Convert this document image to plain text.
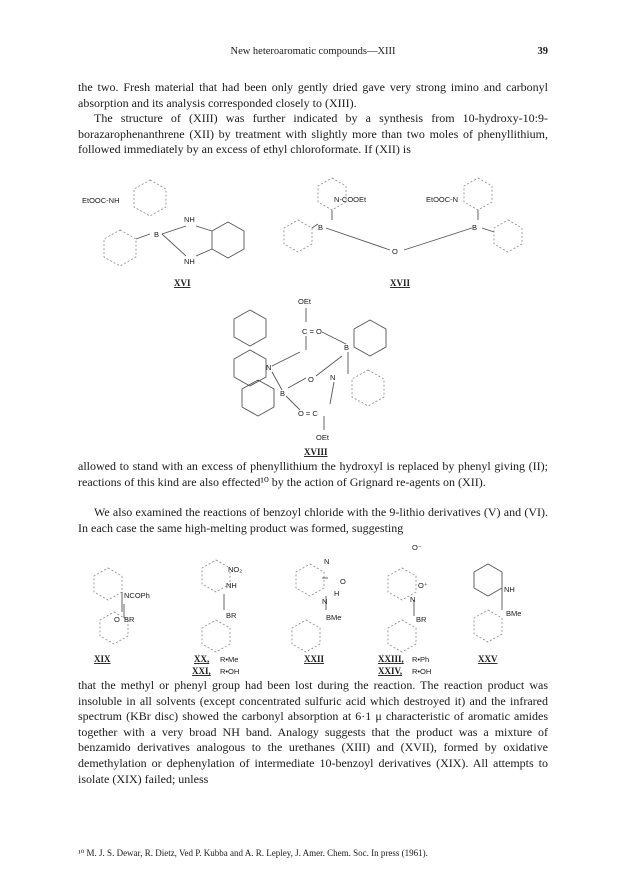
New heteroaromatic compounds—XIII	39

the two. Fresh material that had been only gently dried gave very strong imino and carbonyl absorption and its analysis corresponded closely to (XIII).

The structure of (XIII) was further indicated by a synthesis from 10-hydroxy-10:9-borazarophenanthrene (XII) by treatment with slightly more than two moles of phenyllithium, followed immediately by an excess of ethyl chloroformate. If (XII) is

EtOOC-NH
NH
NH
B
XVI
N-COOEt	EtOOC-N
B
O
B
XVII
OEt
C = O
N
B
B
O N
O = C
OEt
XVIII

allowed to stand with an excess of phenyllithium the hydroxyl is replaced by phenyl giving (II); reactions of this kind are also effected¹⁰ by the action of Grignard re-agents on (XII).

We also examined the reactions of benzoyl chloride with the 9-lithio derivatives (V) and (VI). In each case the same high-melting product was formed, suggesting

NCOPh
O BR
XIX
NO₂
NH
BR
XX, R•Me
XXI, R•OH
N
O
H
N
BMe
XXII
O⁻
O⁺
N
BR
XXIII, R•Ph
XXIV, R•OH
NH
BMe
XXV

that the methyl or phenyl group had been lost during the reaction. The reaction product was insoluble in all solvents (except concentrated sulfuric acid which destroyed it) and the infrared spectrum (KBr disc) showed the carbonyl absorption at 6·1 μ characteristic of aromatic amides together with a very broad NH band. Analogy suggests that the product was a mixture of benzamido derivatives analogous to the urethanes (XIII) and (XVII), formed by oxidative demethylation or dephenylation of intermediate 10-benzoyl derivatives (XIX). All attempts to isolate (XIX) failed; unless

¹⁰ M. J. S. Dewar, R. Dietz, Ved P. Kubba and A. R. Lepley, J. Amer. Chem. Soc. In press (1961).
